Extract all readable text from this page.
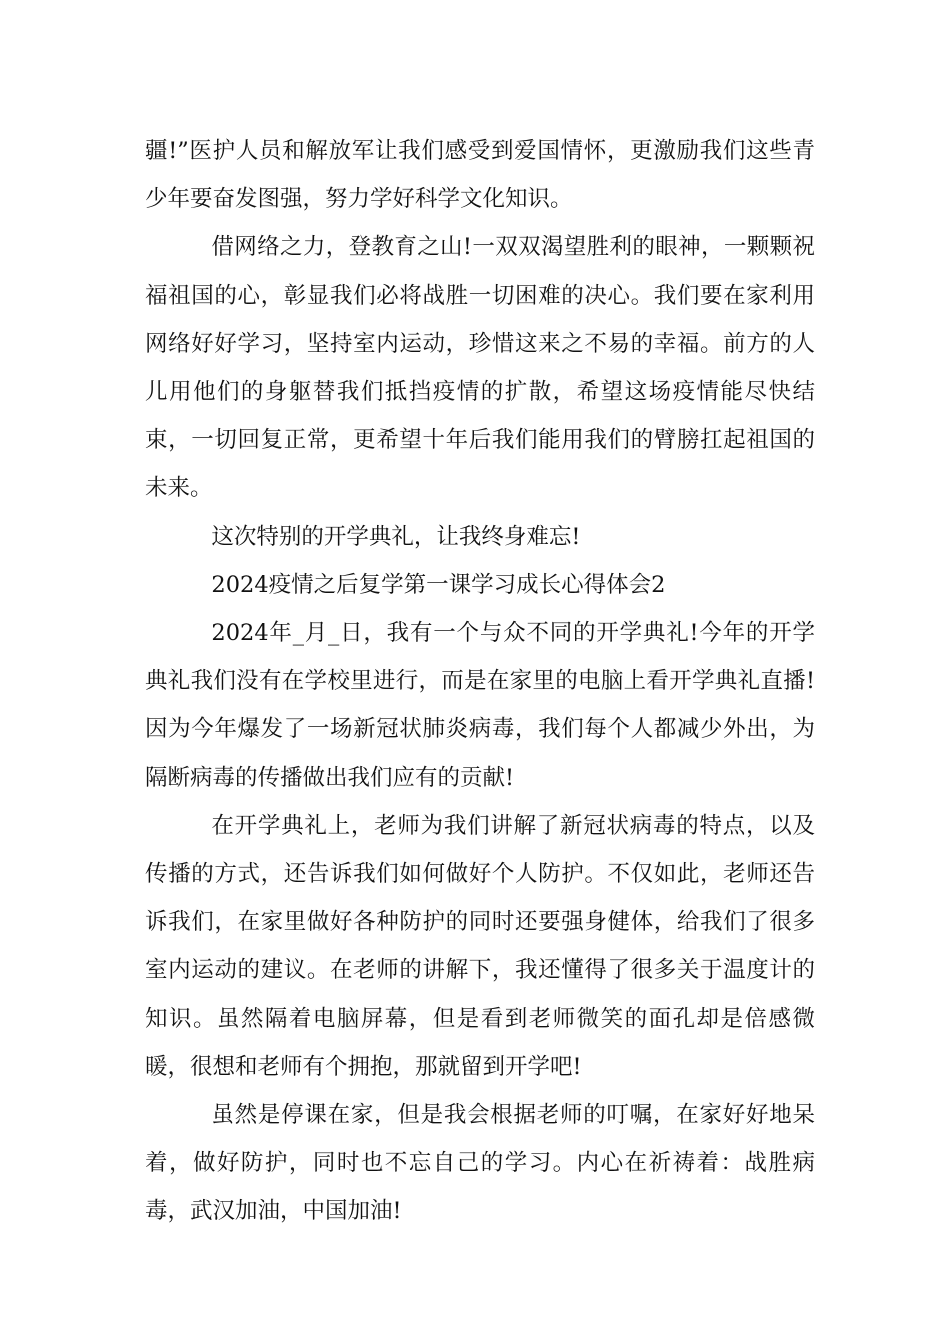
疆!”医护人员和解放军让我们感受到爱国情怀，更激励我们这些青少年要奋发图强，努力学好科学文化知识。

借网络之力，登教育之山!一双双渴望胜利的眼神，一颗颗祝福祖国的心，彰显我们必将战胜一切困难的决心。我们要在家利用网络好好学习，坚持室内运动，珍惜这来之不易的幸福。前方的人儿用他们的身躯替我们抵挡疫情的扩散，希望这场疫情能尽快结束，一切回复正常，更希望十年后我们能用我们的臂膀扛起祖国的未来。

这次特别的开学典礼，让我终身难忘!

2024疫情之后复学第一课学习成长心得体会2

2024年_月_日，我有一个与众不同的开学典礼!今年的开学典礼我们没有在学校里进行，而是在家里的电脑上看开学典礼直播!因为今年爆发了一场新冠状肺炎病毒，我们每个人都减少外出，为隔断病毒的传播做出我们应有的贡献!

在开学典礼上，老师为我们讲解了新冠状病毒的特点，以及传播的方式，还告诉我们如何做好个人防护。不仅如此，老师还告诉我们，在家里做好各种防护的同时还要强身健体，给我们了很多室内运动的建议。在老师的讲解下，我还懂得了很多关于温度计的知识。虽然隔着电脑屏幕，但是看到老师微笑的面孔却是倍感微暖，很想和老师有个拥抱，那就留到开学吧!

虽然是停课在家，但是我会根据老师的叮嘱，在家好好地呆着，做好防护，同时也不忘自己的学习。内心在祈祷着：战胜病毒，武汉加油，中国加油!
